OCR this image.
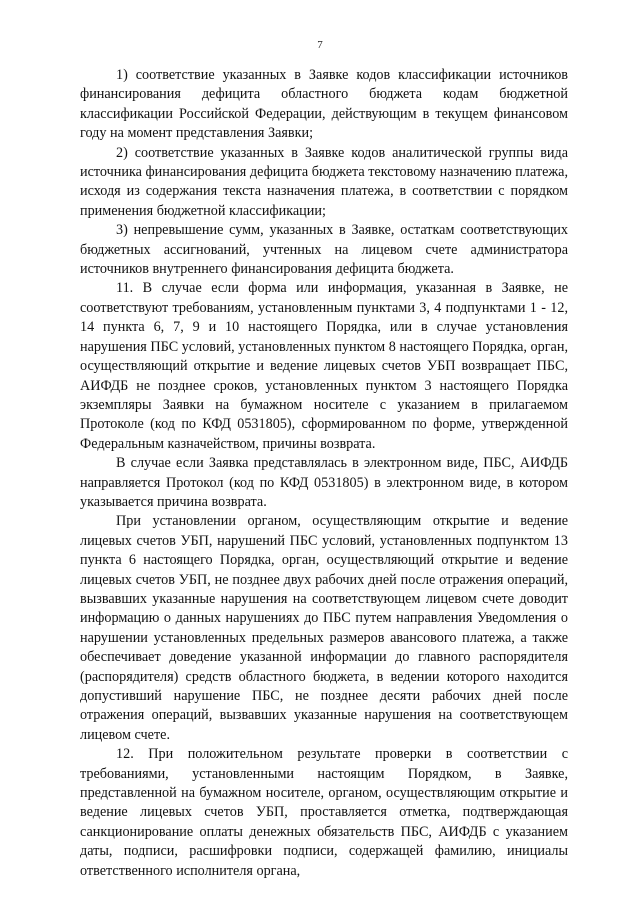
7

1) соответствие указанных в Заявке кодов классификации источников финансирования дефицита областного бюджета кодам бюджетной классификации Российской Федерации, действующим в текущем финансовом году на момент представления Заявки;

2) соответствие указанных в Заявке кодов аналитической группы вида источника финансирования дефицита бюджета текстовому назначению платежа, исходя из содержания текста назначения платежа, в соответствии с порядком применения бюджетной классификации;

3) непревышение сумм, указанных в Заявке, остаткам соответствующих бюджетных ассигнований, учтенных на лицевом счете администратора источников внутреннего финансирования дефицита бюджета.

11. В случае если форма или информация, указанная в Заявке, не соответствуют требованиям, установленным пунктами 3, 4 подпунктами 1 - 12, 14 пункта 6, 7, 9 и 10 настоящего Порядка, или в случае установления нарушения ПБС условий, установленных пунктом 8 настоящего Порядка, орган, осуществляющий открытие и ведение лицевых счетов УБП возвращает ПБС, АИФДБ не позднее сроков, установленных пунктом 3 настоящего Порядка экземпляры Заявки на бумажном носителе с указанием в прилагаемом Протоколе (код по КФД 0531805), сформированном по форме, утвержденной Федеральным казначейством, причины возврата.

В случае если Заявка представлялась в электронном виде, ПБС, АИФДБ направляется Протокол (код по КФД 0531805) в электронном виде, в котором указывается причина возврата.

При установлении органом, осуществляющим открытие и ведение лицевых счетов УБП, нарушений ПБС условий, установленных подпунктом 13 пункта 6 настоящего Порядка, орган, осуществляющий открытие и ведение лицевых счетов УБП, не позднее двух рабочих дней после отражения операций, вызвавших указанные нарушения на соответствующем лицевом счете доводит информацию о данных нарушениях до ПБС путем направления Уведомления о нарушении установленных предельных размеров авансового платежа, а также обеспечивает доведение указанной информации до главного распорядителя (распорядителя) средств областного бюджета, в ведении которого находится допустивший нарушение ПБС, не позднее десяти рабочих дней после отражения операций, вызвавших указанные нарушения на соответствующем лицевом счете.

12. При положительном результате проверки в соответствии с требованиями, установленными настоящим Порядком, в Заявке, представленной на бумажном носителе, органом, осуществляющим открытие и ведение лицевых счетов УБП, проставляется отметка, подтверждающая санкционирование оплаты денежных обязательств ПБС, АИФДБ с указанием даты, подписи, расшифровки подписи, содержащей фамилию, инициалы ответственного исполнителя органа,
